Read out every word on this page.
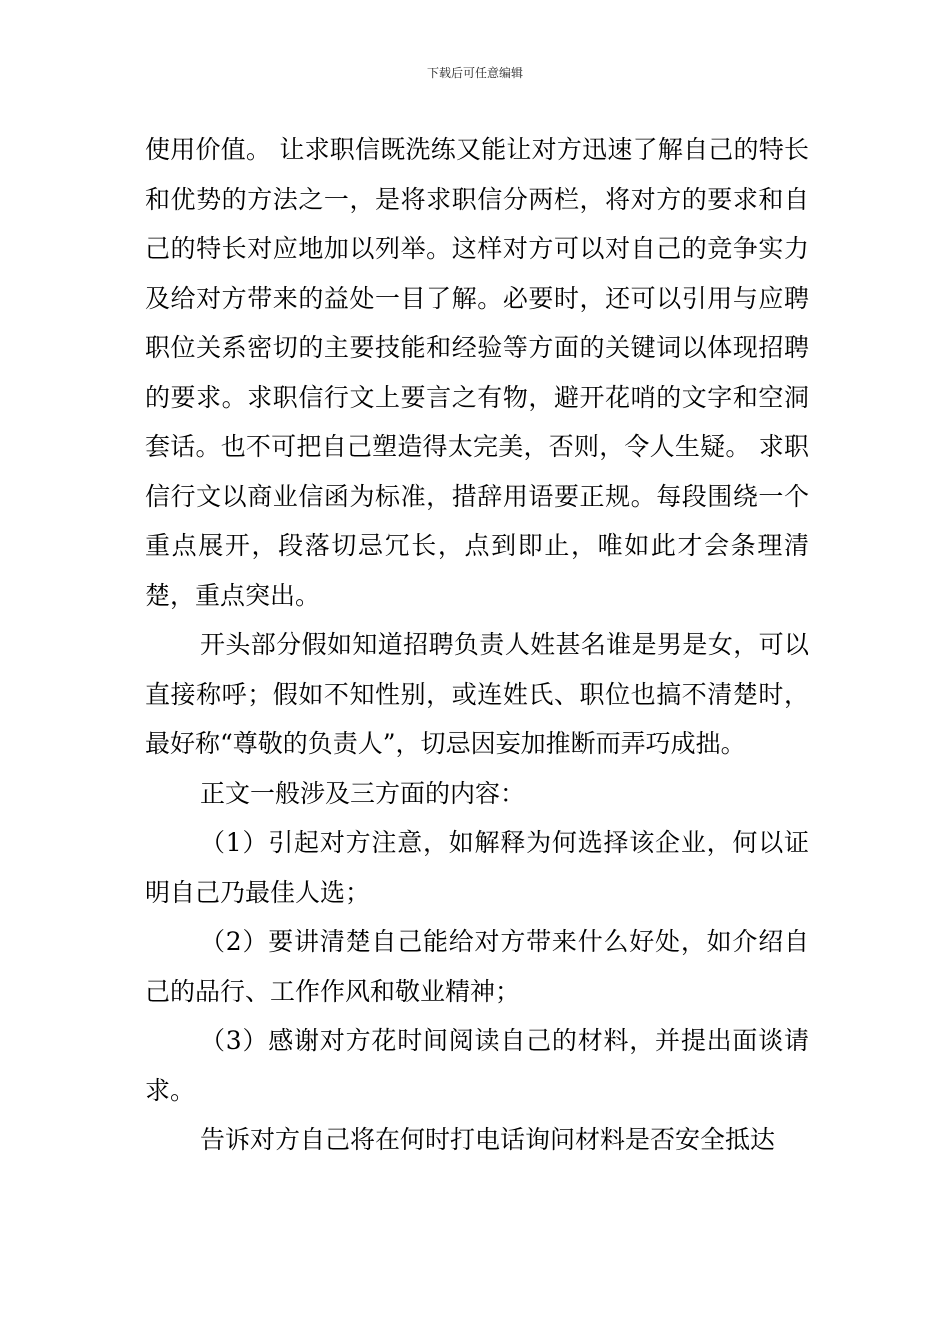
下载后可任意编辑

使用价值。 让求职信既洗练又能让对方迅速了解自己的特长和优势的方法之一，是将求职信分两栏，将对方的要求和自己的特长对应地加以列举。这样对方可以对自己的竞争实力及给对方带来的益处一目了解。必要时，还可以引用与应聘职位关系密切的主要技能和经验等方面的关键词以体现招聘的要求。求职信行文上要言之有物，避开花哨的文字和空洞套话。也不可把自己塑造得太完美，否则，令人生疑。 求职信行文以商业信函为标准，措辞用语要正规。每段围绕一个重点展开，段落切忌冗长，点到即止，唯如此才会条理清楚，重点突出。

开头部分假如知道招聘负责人姓甚名谁是男是女，可以直接称呼；假如不知性别，或连姓氏、职位也搞不清楚时，最好称“尊敬的负责人”，切忌因妄加推断而弄巧成拙。

正文一般涉及三方面的内容：

（1）引起对方注意，如解释为何选择该企业，何以证明自己乃最佳人选；

（2）要讲清楚自己能给对方带来什么好处，如介绍自己的品行、工作作风和敬业精神；

（3）感谢对方花时间阅读自己的材料，并提出面谈请求。

告诉对方自己将在何时打电话询问材料是否安全抵达
